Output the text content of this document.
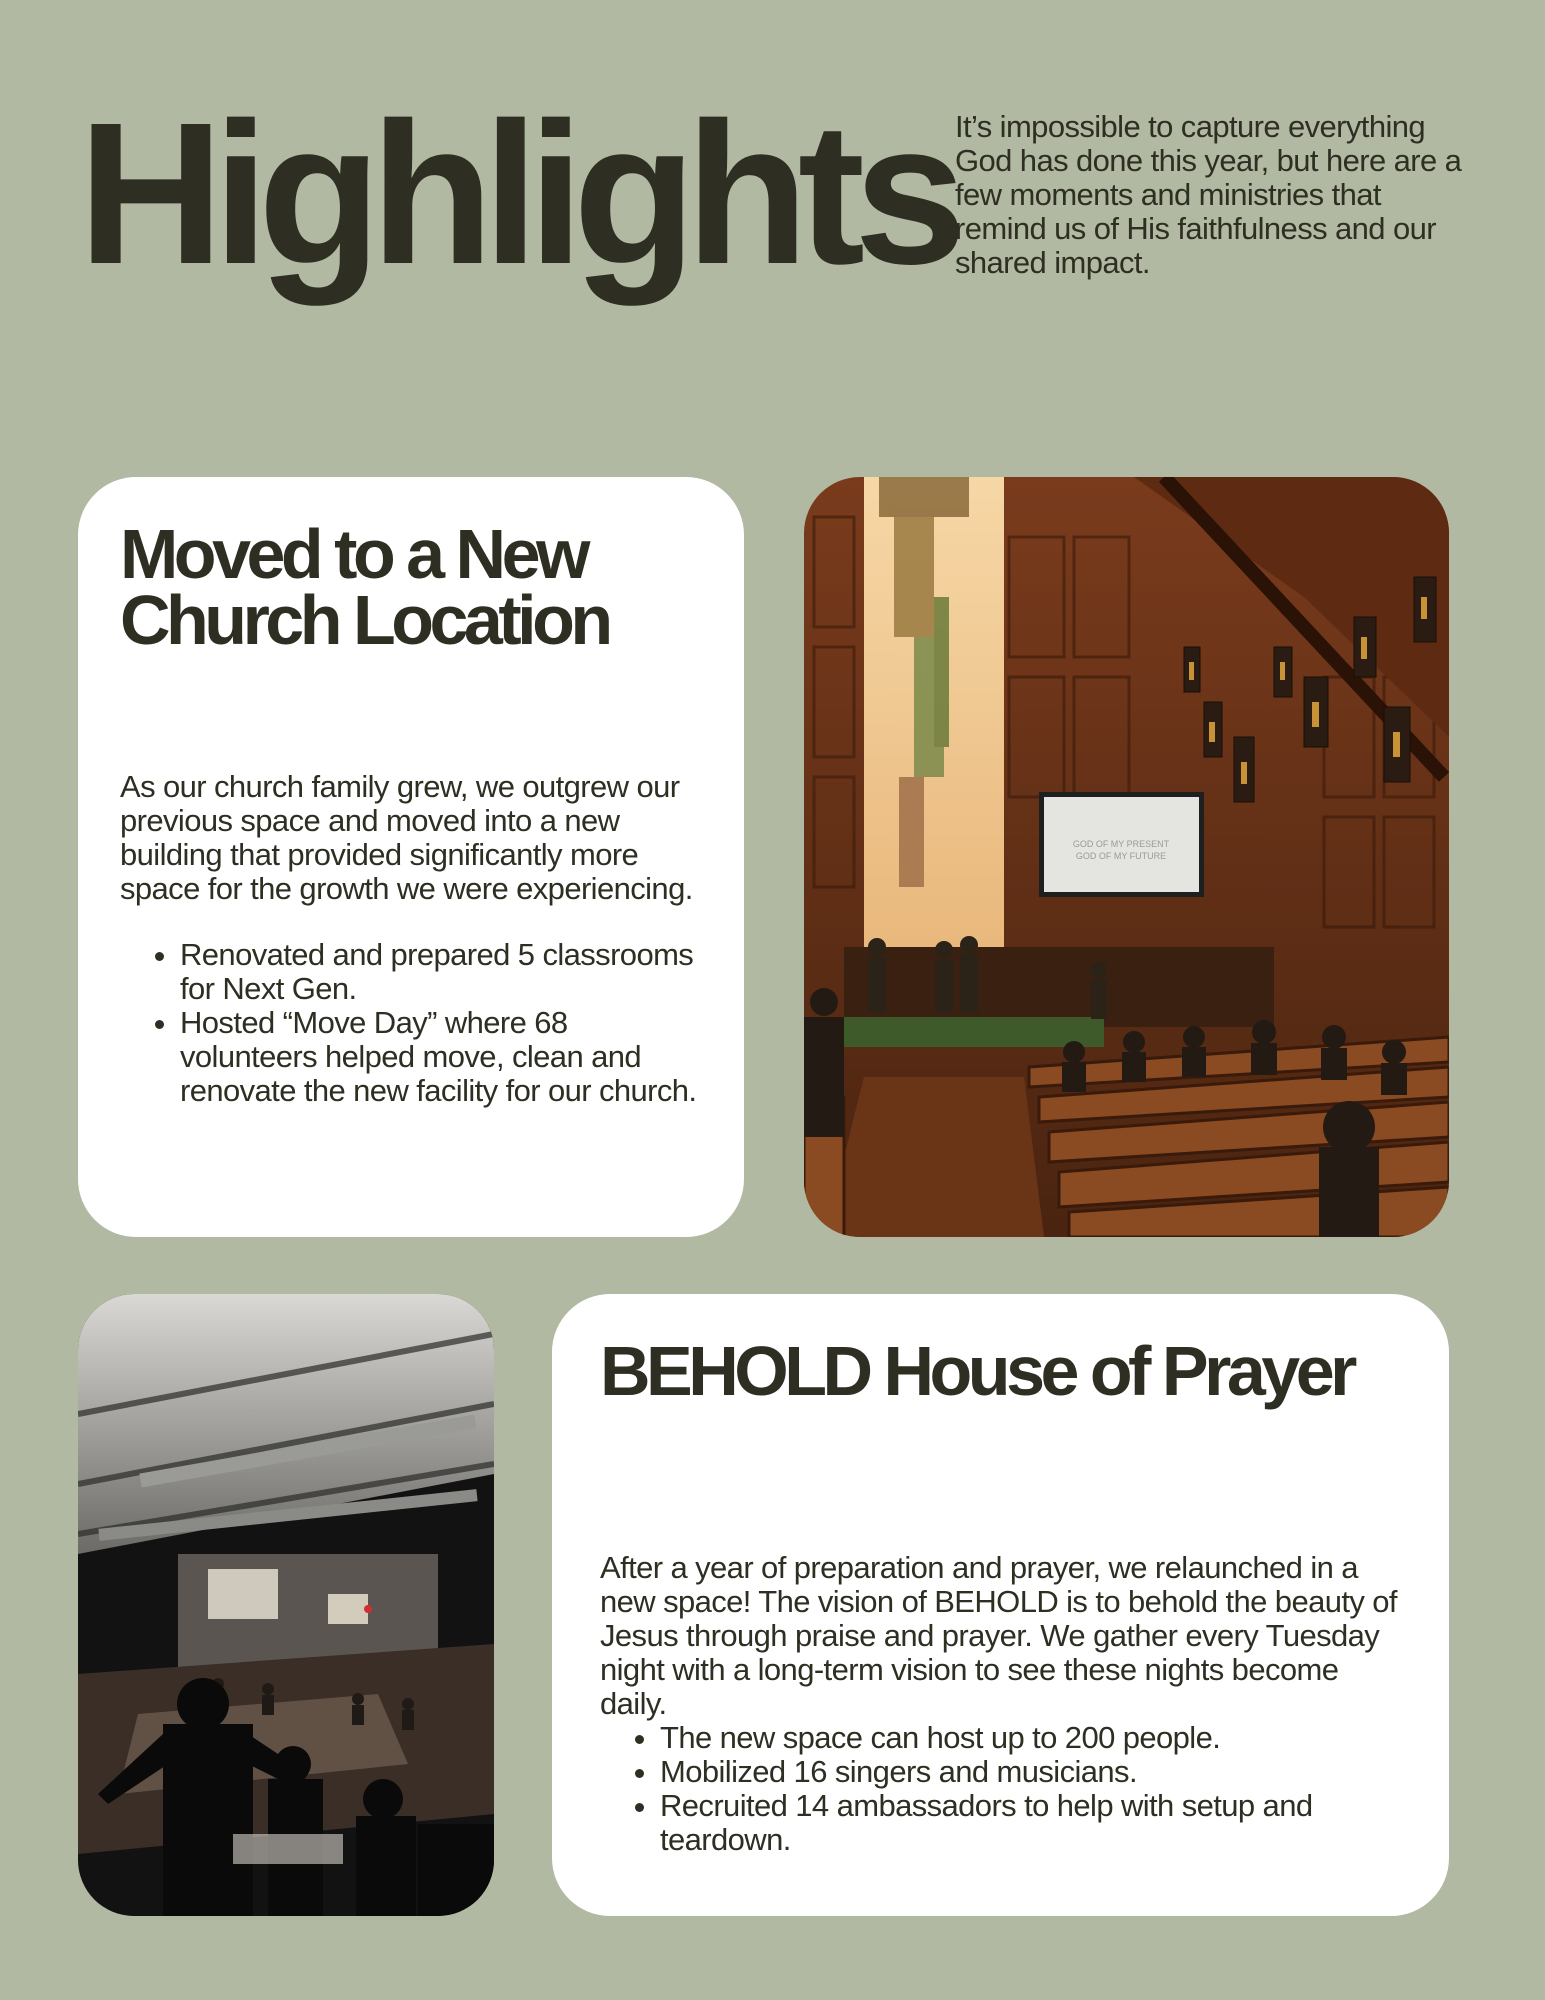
Highlights It’s impossible to capture everything God has done this year, but here are a few moments and ministries that remind us of His faithfulness and our shared impact.

Moved to a New
Church Location

As our church family grew, we outgrew our previous space and moved into a new building that provided significantly more space for the growth we were experiencing.

• Renovated and prepared 5 classrooms for Next Gen.
• Hosted “Move Day” where 68 volunteers helped move, clean and renovate the new facility for our church.
GOD OF MY PRESENT
GOD OF MY FUTURE
BEHOLD House of Prayer

After a year of preparation and prayer, we relaunched in a new space! The vision of BEHOLD is to behold the beauty of Jesus through praise and prayer. We gather every Tuesday night with a long-term vision to see these nights become daily.

• The new space can host up to 200 people.
• Mobilized 16 singers and musicians.
• Recruited 14 ambassadors to help with setup and teardown.
